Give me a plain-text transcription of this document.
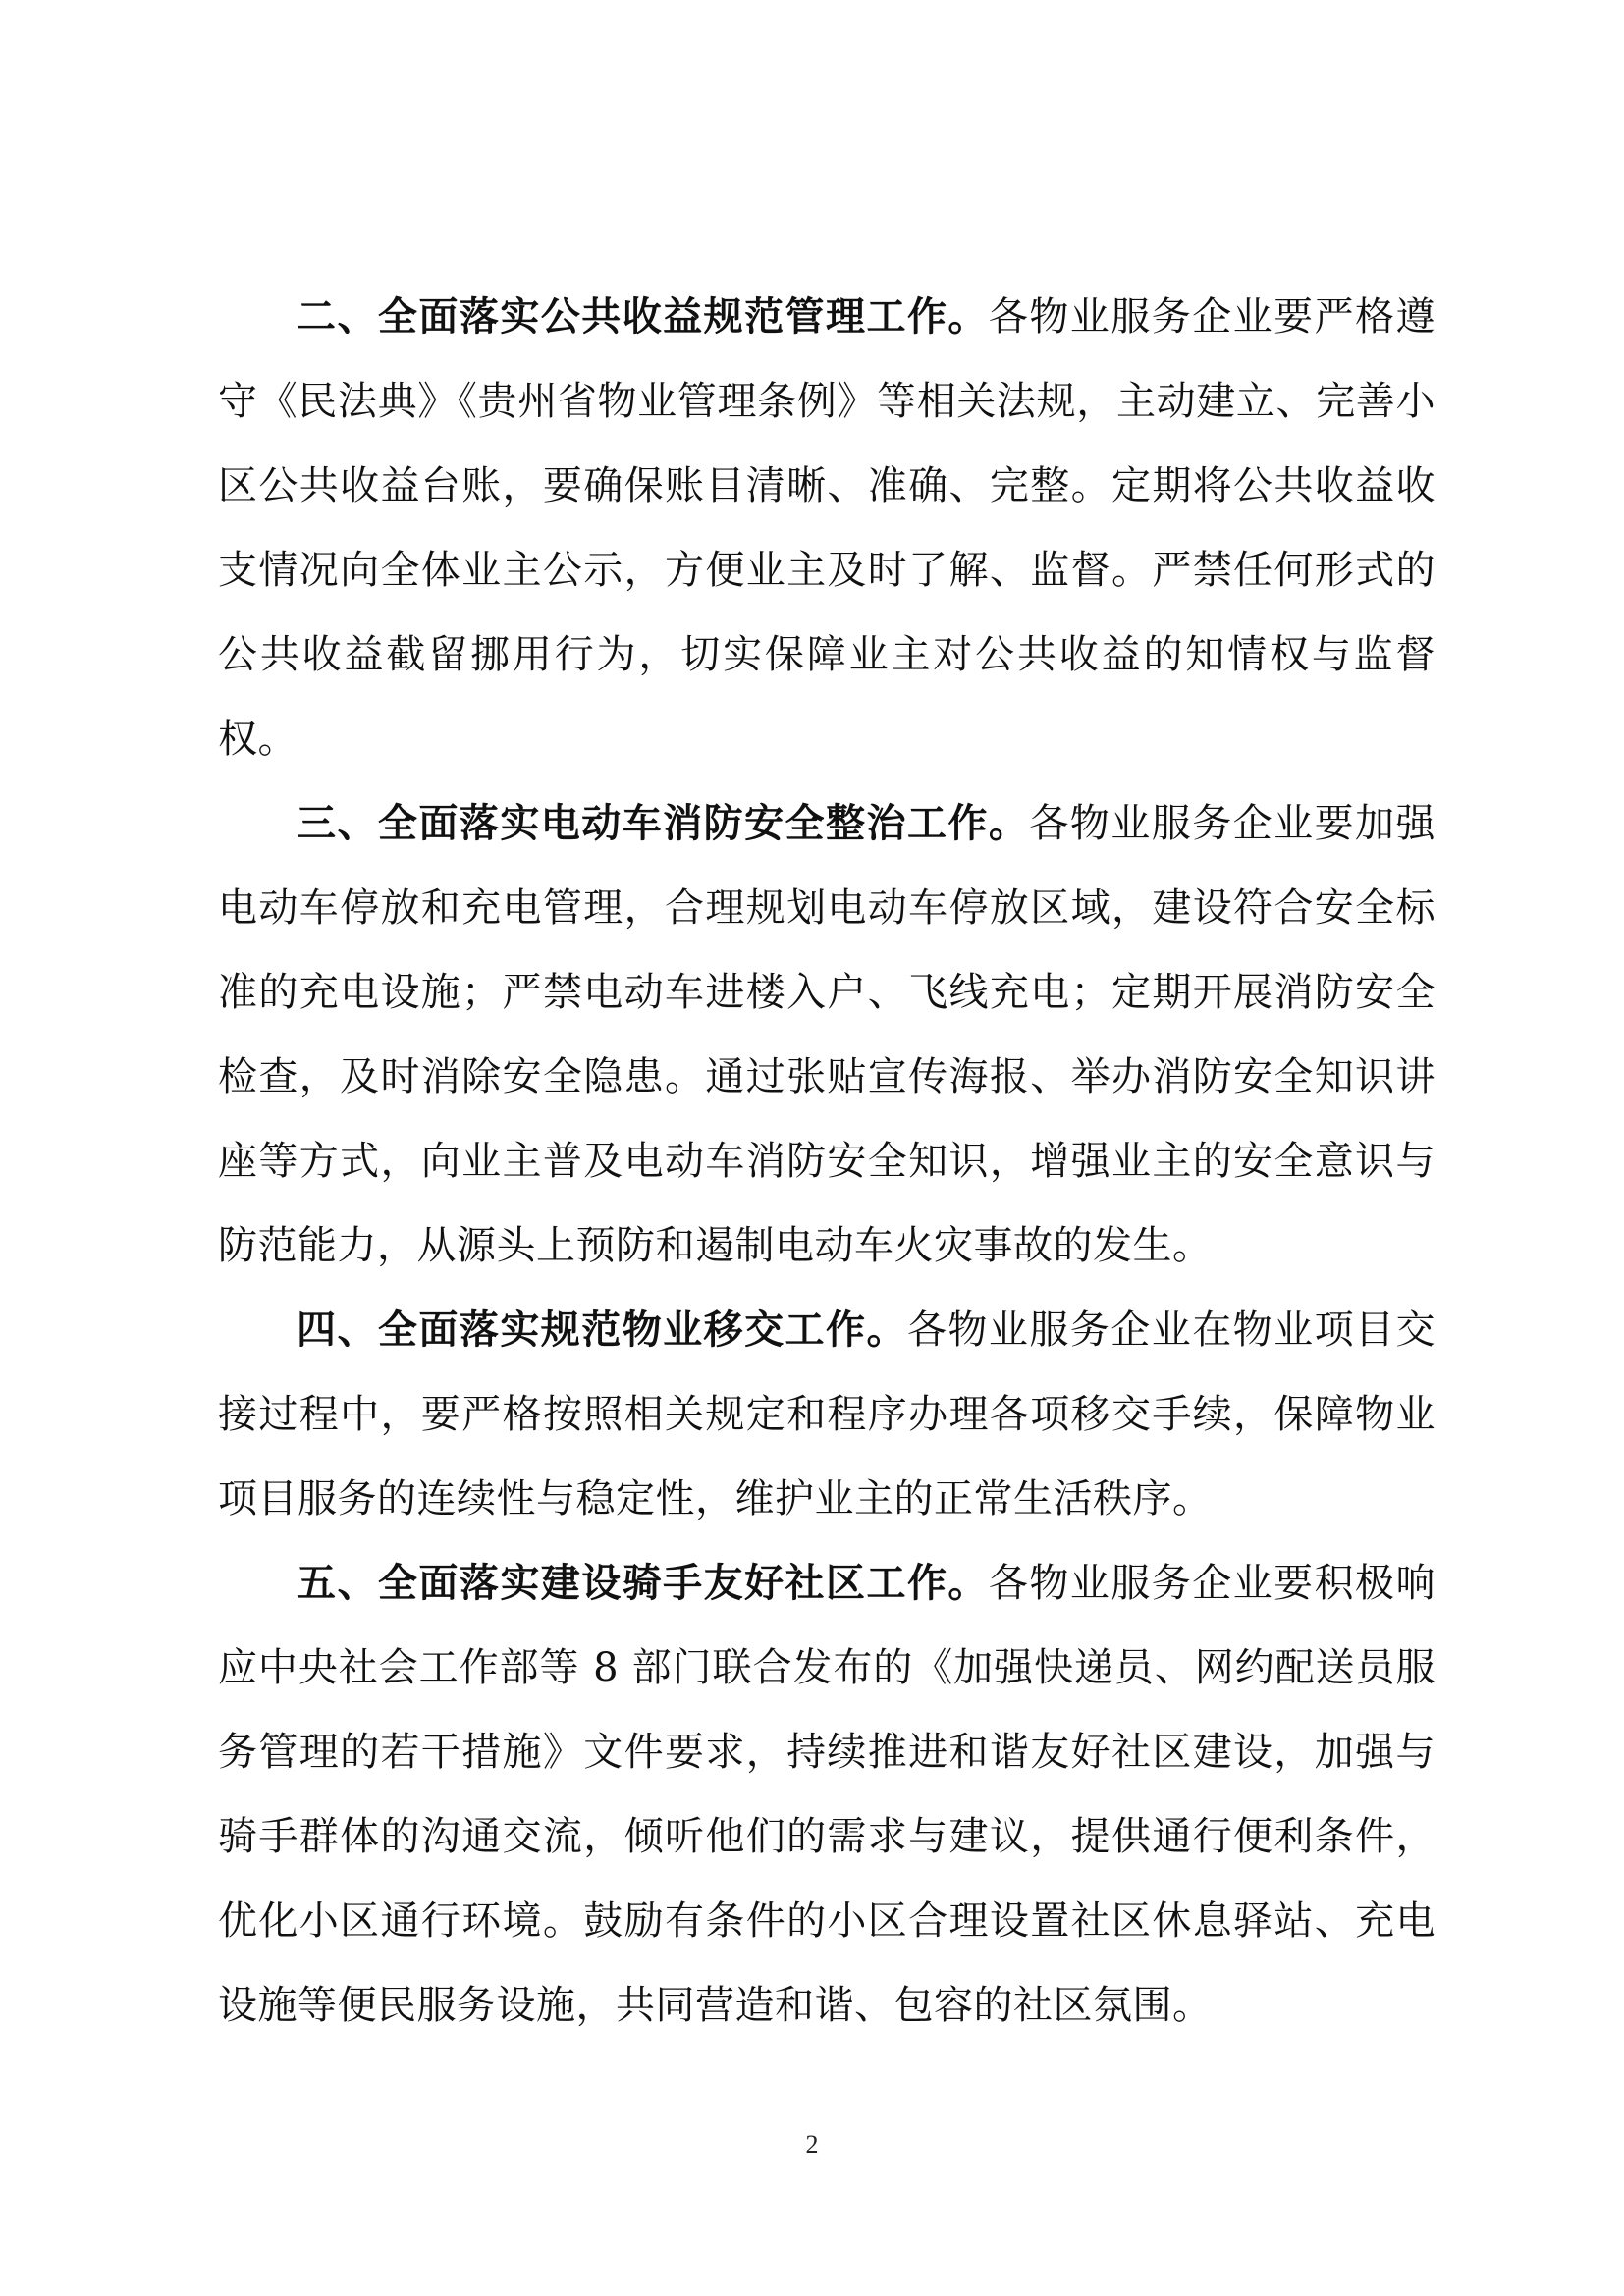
二、全面落实公共收益规范管理工作。各物业服务企业要严格遵守《民法典》《贵州省物业管理条例》等相关法规，主动建立、完善小区公共收益台账，要确保账目清晰、准确、完整。定期将公共收益收支情况向全体业主公示，方便业主及时了解、监督。严禁任何形式的公共收益截留挪用行为，切实保障业主对公共收益的知情权与监督权。

三、全面落实电动车消防安全整治工作。各物业服务企业要加强电动车停放和充电管理，合理规划电动车停放区域，建设符合安全标准的充电设施；严禁电动车进楼入户、飞线充电；定期开展消防安全检查，及时消除安全隐患。通过张贴宣传海报、举办消防安全知识讲座等方式，向业主普及电动车消防安全知识，增强业主的安全意识与防范能力，从源头上预防和遏制电动车火灾事故的发生。

四、全面落实规范物业移交工作。各物业服务企业在物业项目交接过程中，要严格按照相关规定和程序办理各项移交手续，保障物业项目服务的连续性与稳定性，维护业主的正常生活秩序。

五、全面落实建设骑手友好社区工作。各物业服务企业要积极响应中央社会工作部等 8 部门联合发布的《加强快递员、网约配送员服务管理的若干措施》文件要求，持续推进和谐友好社区建设，加强与骑手群体的沟通交流，倾听他们的需求与建议，提供通行便利条件，优化小区通行环境。鼓励有条件的小区合理设置社区休息驿站、充电设施等便民服务设施，共同营造和谐、包容的社区氛围。

2
